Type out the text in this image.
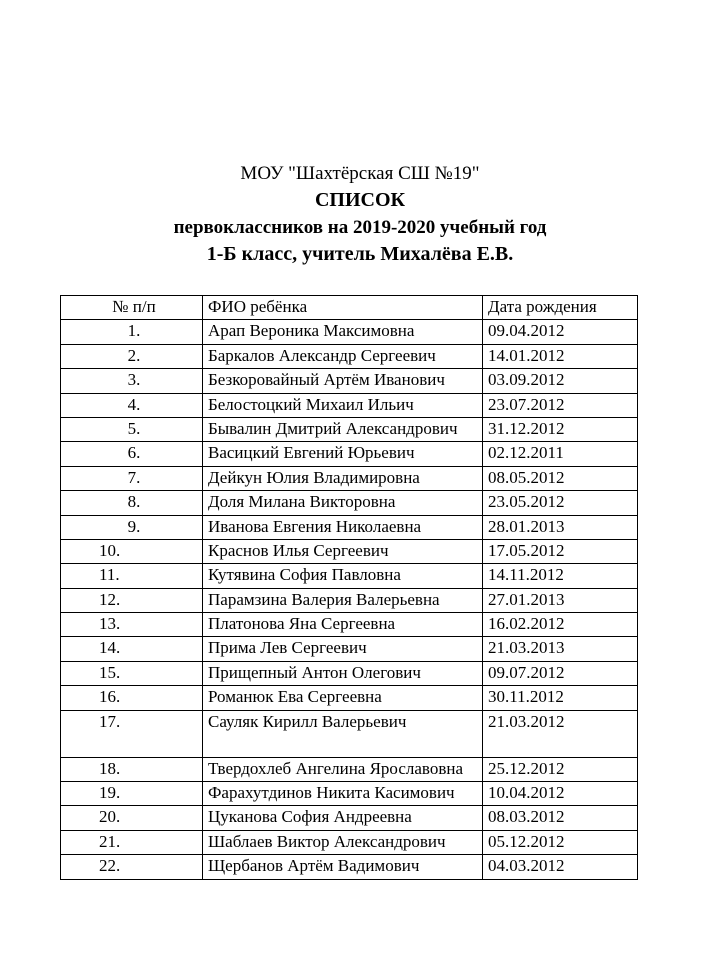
МОУ "Шахтёрская СШ №19"
СПИСОК
первоклассников на 2019-2020 учебный год
1-Б класс, учитель Михалёва Е.В.
№ п/п	ФИО ребёнка	Дата рождения
1.	Арап Вероника Максимовна	09.04.2012
2.	Баркалов Александр Сергеевич	14.01.2012
3.	Безкоровайный Артём Иванович	03.09.2012
4.	Белостоцкий Михаил Ильич	23.07.2012
5.	Бывалин Дмитрий Александрович	31.12.2012
6.	Васицкий Евгений Юрьевич	02.12.2011
7.	Дейкун Юлия Владимировна	08.05.2012
8.	Доля Милана Викторовна	23.05.2012
9.	Иванова Евгения Николаевна	28.01.2013
10.	Краснов Илья Сергеевич	17.05.2012
11.	Кутявина София Павловна	14.11.2012
12.	Парамзина Валерия Валерьевна	27.01.2013
13.	Платонова Яна Сергеевна	16.02.2012
14.	Прима Лев Сергеевич	21.03.2013
15.	Прищепный Антон Олегович	09.07.2012
16.	Романюк Ева Сергеевна	30.11.2012
17.	Сауляк Кирилл Валерьевич	21.03.2012
18.	Твердохлеб Ангелина Ярославовна	25.12.2012
19.	Фарахутдинов Никита Касимович	10.04.2012
20.	Цуканова София Андреевна	08.03.2012
21.	Шаблаев Виктор Александрович	05.12.2012
22.	Щербанов Артём Вадимович	04.03.2012
